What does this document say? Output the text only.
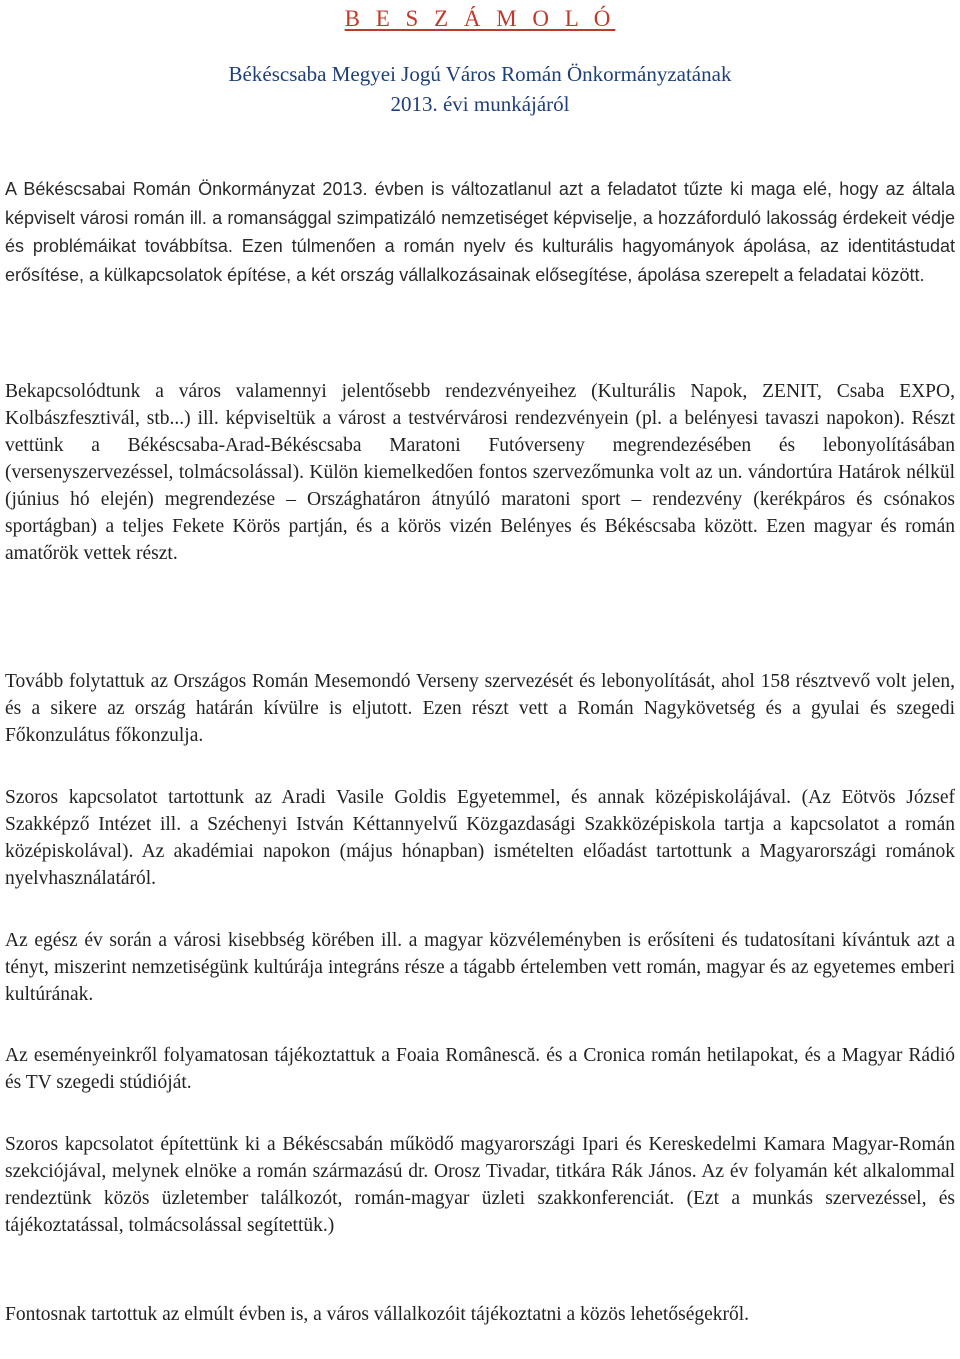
B E S Z Á M O L Ó

Békéscsaba Megyei Jogú Város Román Önkormányzatának

2013. évi munkájáról

A Békéscsabai Román Önkormányzat 2013. évben is változatlanul azt a feladatot tűzte ki maga elé, hogy az általa képviselt városi román ill. a romansággal szimpatizáló nemzetiséget képviselje, a hozzáforduló lakosság érdekeit védje és problémáikat továbbítsa. Ezen túlmenően a román nyelv és kulturális hagyományok ápolása, az identitástudat erősítése, a külkapcsolatok építése, a két ország vállalkozásainak elősegítése, ápolása szerepelt a feladatai között.

Bekapcsolódtunk a város valamennyi jelentősebb rendezvényeihez (Kulturális Napok, ZENIT, Csaba EXPO, Kolbászfesztivál, stb...) ill. képviseltük a várost a testvérvárosi rendezvényein (pl. a belényesi tavaszi napokon). Részt vettünk a Békéscsaba-Arad-Békéscsaba Maratoni Futóverseny megrendezésében és lebonyolításában (versenyszervezéssel, tolmácsolással). Külön kiemelkedően fontos szervezőmunka volt az un. vándortúra Határok nélkül (június hó elején) megrendezése – Országhatáron átnyúló maratoni sport – rendezvény (kerékpáros és csónakos sportágban) a teljes Fekete Körös partján, és a körös vizén Belényes és Békéscsaba között. Ezen magyar és román amatőrök vettek részt.

Tovább folytattuk az Országos Román Mesemondó Verseny szervezését és lebonyolítását, ahol 158 résztvevő volt jelen, és a sikere az ország határán kívülre is eljutott. Ezen részt vett a Román Nagykövetség és a gyulai és szegedi Főkonzulátus főkonzulja.

Szoros kapcsolatot tartottunk az Aradi Vasile Goldis Egyetemmel, és annak középiskolájával. (Az Eötvös József Szakképző Intézet ill. a Széchenyi István Kéttannyelvű Közgazdasági Szakközépiskola tartja a kapcsolatot a román középiskolával). Az akadémiai napokon (május hónapban) ismételten előadást tartottunk a Magyarországi románok nyelvhasználatáról.

Az egész év során a városi kisebbség körében ill. a magyar közvéleményben is erősíteni és tudatosítani kívántuk azt a tényt, miszerint nemzetiségünk kultúrája integráns része a tágabb értelemben vett román, magyar és az egyetemes emberi kultúrának.

Az eseményeinkről folyamatosan tájékoztattuk a Foaia Românescă. és a Cronica román hetilapokat, és a Magyar Rádió és TV szegedi stúdióját.

Szoros kapcsolatot építettünk ki a Békéscsabán működő magyarországi Ipari és Kereskedelmi Kamara Magyar-Román szekciójával, melynek elnöke a román származású dr. Orosz Tivadar, titkára Rák János. Az év folyamán két alkalommal rendeztünk közös üzletember találkozót, román-magyar üzleti szakkonferenciát. (Ezt a munkás szervezéssel, és tájékoztatással, tolmácsolással segítettük.)

Fontosnak tartottuk az elmúlt évben is, a város vállalkozóit tájékoztatni a közös lehetőségekről.
